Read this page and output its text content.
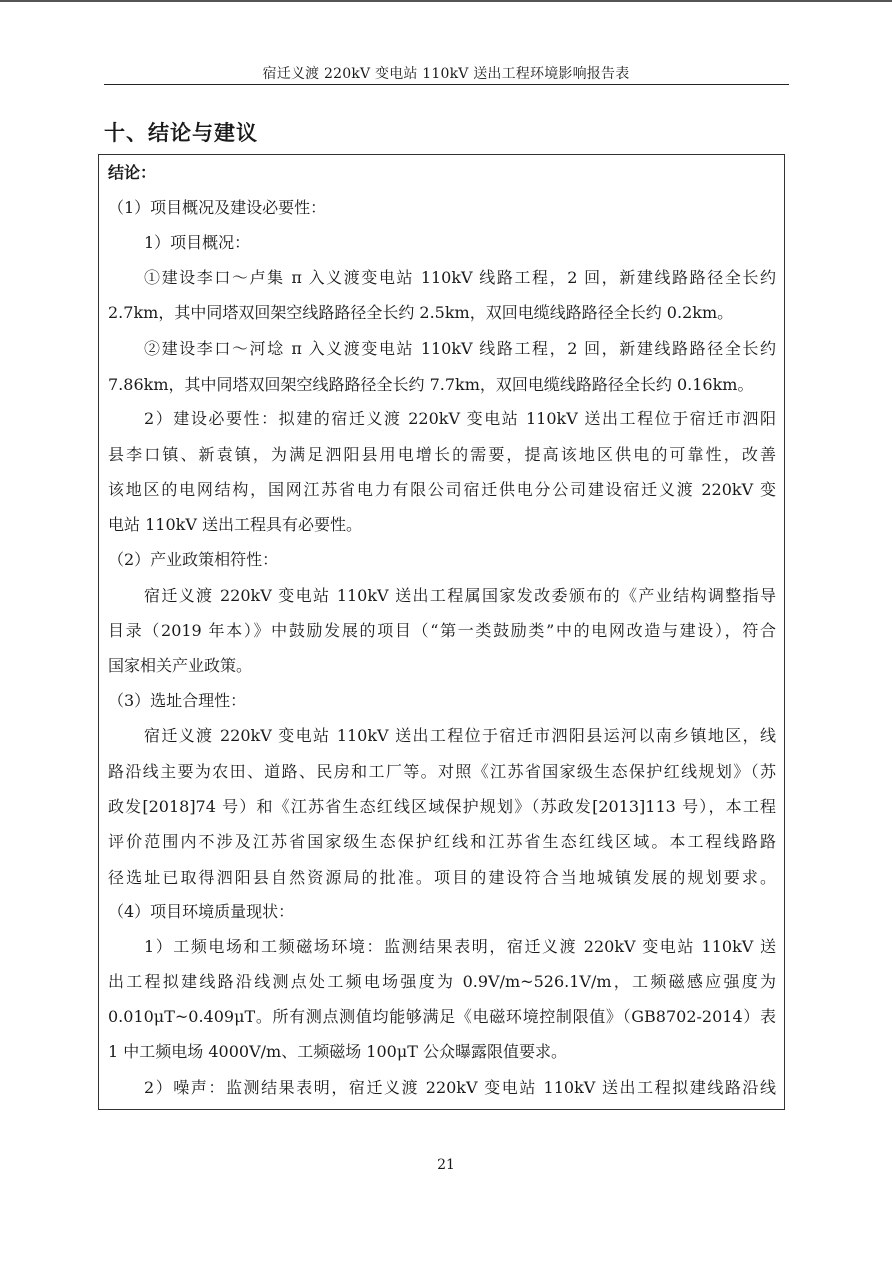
宿迁义渡 220kV 变电站 110kV 送出工程环境影响报告表
十、结论与建议
结论：
（1）项目概况及建设必要性：
1）项目概况：
①建设李口～卢集 π 入义渡变电站 110kV 线路工程，2 回，新建线路路径全长约
2.7km，其中同塔双回架空线路路径全长约 2.5km，双回电缆线路路径全长约 0.2km。
②建设李口～河埝 π 入义渡变电站 110kV 线路工程，2 回，新建线路路径全长约
7.86km，其中同塔双回架空线路路径全长约 7.7km，双回电缆线路路径全长约 0.16km。
2）建设必要性：拟建的宿迁义渡 220kV 变电站 110kV 送出工程位于宿迁市泗阳
县李口镇、新袁镇，为满足泗阳县用电增长的需要，提高该地区供电的可靠性，改善
该地区的电网结构，国网江苏省电力有限公司宿迁供电分公司建设宿迁义渡 220kV 变
电站 110kV 送出工程具有必要性。
（2）产业政策相符性：
宿迁义渡 220kV 变电站 110kV 送出工程属国家发改委颁布的《产业结构调整指导
目录（2019 年本）》中鼓励发展的项目（“第一类鼓励类”中的电网改造与建设），符合
国家相关产业政策。
（3）选址合理性：
宿迁义渡 220kV 变电站 110kV 送出工程位于宿迁市泗阳县运河以南乡镇地区，线
路沿线主要为农田、道路、民房和工厂等。对照《江苏省国家级生态保护红线规划》（苏
政发[2018]74 号）和《江苏省生态红线区域保护规划》（苏政发[2013]113 号），本工程
评价范围内不涉及江苏省国家级生态保护红线和江苏省生态红线区域。本工程线路路
径选址已取得泗阳县自然资源局的批准。项目的建设符合当地城镇发展的规划要求。
（4）项目环境质量现状：
1）工频电场和工频磁场环境：监测结果表明，宿迁义渡 220kV 变电站 110kV 送
出工程拟建线路沿线测点处工频电场强度为 0.9V/m~526.1V/m，工频磁感应强度为
0.010μT~0.409μT。所有测点测值均能够满足《电磁环境控制限值》（GB8702-2014）表
1 中工频电场 4000V/m、工频磁场 100μT 公众曝露限值要求。
2）噪声：监测结果表明，宿迁义渡 220kV 变电站 110kV 送出工程拟建线路沿线
21
